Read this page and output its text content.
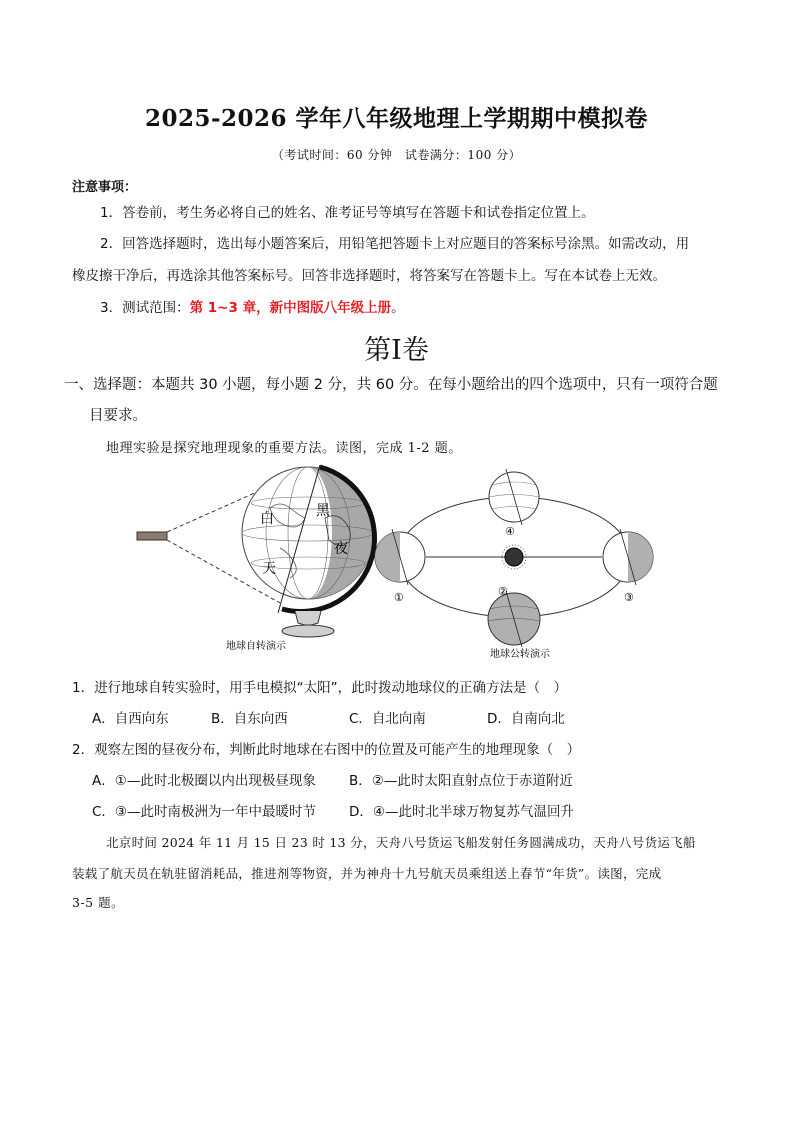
2025-2026 学年八年级地理上学期期中模拟卷
（考试时间：60 分钟　试卷满分：100 分）
注意事项：
1．答卷前，考生务必将自己的姓名、准考证号等填写在答题卡和试卷指定位置上。
2．回答选择题时，选出每小题答案后，用铅笔把答题卡上对应题目的答案标号涂黑。如需改动，用
橡皮擦干净后，再选涂其他答案标号。回答非选择题时，将答案写在答题卡上。写在本试卷上无效。
3．测试范围：第 1~3 章，新中图版八年级上册。
第I卷
一、选择题：本题共 30 小题，每小题 2 分，共 60 分。在每小题给出的四个选项中，只有一项符合题
目要求。
地理实验是探究地理现象的重要方法。读图，完成 1-2 题。
白
天
黑
夜
地球自转演示
①	③
④
②
地球公转演示
1．进行地球自转实验时，用手电模拟“太阳”，此时拨动地球仪的正确方法是（　）
A．自西向东	B．自东向西	C．自北向南	D．自南向北
2．观察左图的昼夜分布，判断此时地球在右图中的位置及可能产生的地理现象（　）
A．①—此时北极圈以内出现极昼现象 B．②—此时太阳直射点位于赤道附近
C．③—此时南极洲为一年中最暖时节 D．④—此时北半球万物复苏气温回升
北京时间 2024 年 11 月 15 日 23 时 13 分，天舟八号货运飞船发射任务圆满成功，天舟八号货运飞船
装载了航天员在轨驻留消耗品，推进剂等物资，并为神舟十九号航天员乘组送上春节“年货”。读图，完成
3-5 题。
